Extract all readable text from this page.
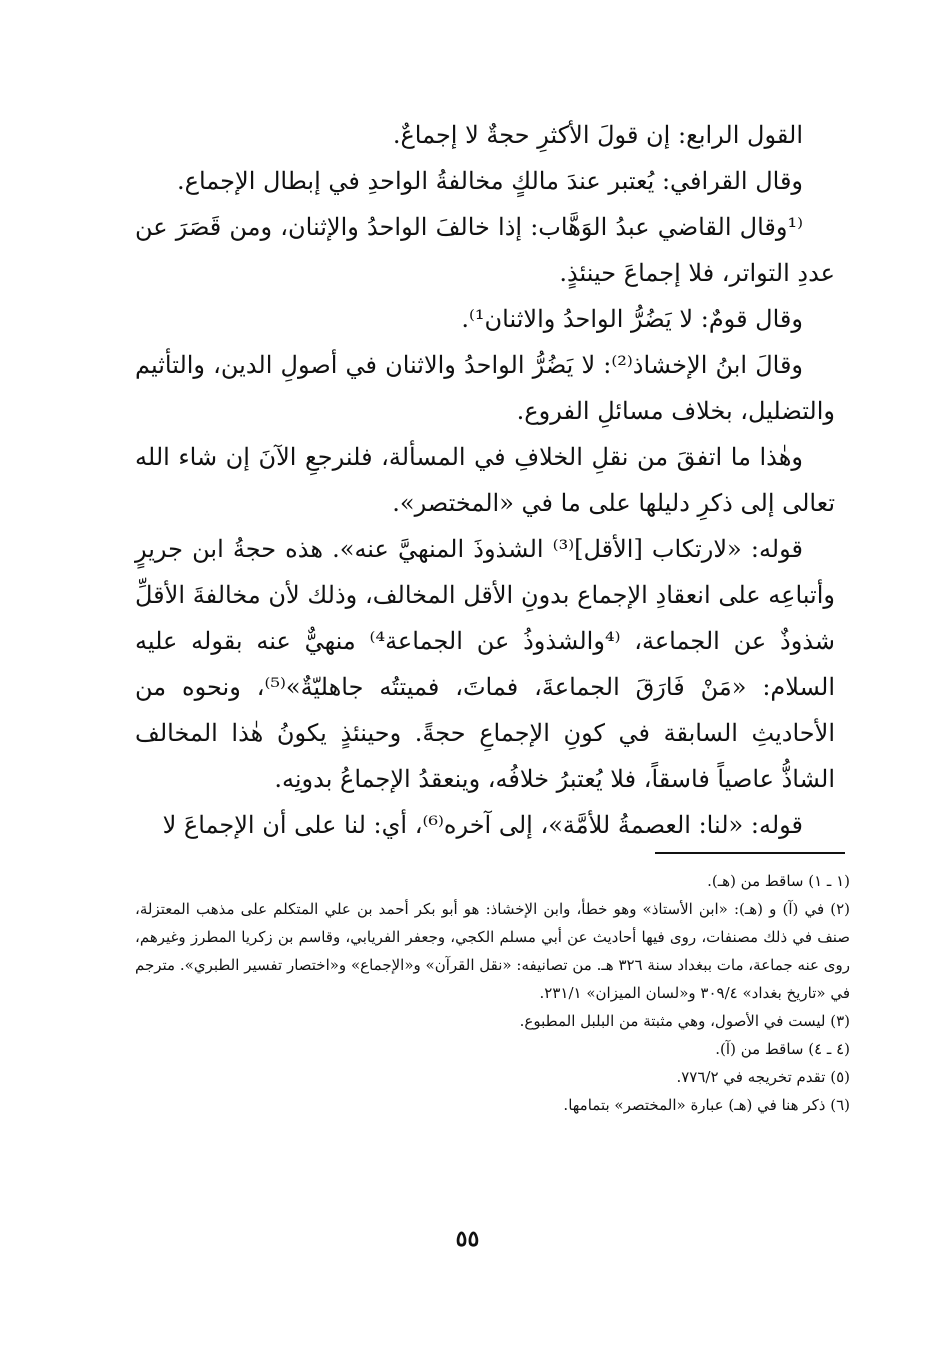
القول الرابع: إن قولَ الأكثرِ حجةٌ لا إجماعٌ.

وقال القرافي: يُعتبر عندَ مالكٍ مخالفةُ الواحدِ في إبطال الإجماع.

⁽¹وقال القاضي عبدُ الوَهَّاب: إذا خالفَ الواحدُ والإثنان، ومن قَصَرَ عن عددِ التواتر، فلا إجماعَ حينئذٍ.

وقال قومٌ: لا يَضُرُّ الواحدُ والاثنان¹⁾.

وقالَ ابنُ الإخشاذ⁽²⁾: لا يَضُرُّ الواحدُ والاثنان في أصولِ الدين، والتأثيم والتضليل، بخلاف مسائلِ الفروع.

وهٰذا ما اتفقَ من نقلِ الخلافِ في المسألة، فلنرجعِ الآنَ إن شاء الله تعالى إلى ذكرِ دليلها على ما في «المختصر».

قوله: «لارتكاب [الأقل]⁽³⁾ الشذوذَ المنهيَّ عنه». هذه حجةُ ابن جريرٍ وأتباعِه على انعقادِ الإجماع بدونِ الأقل المخالف، وذلك لأن مخالفةَ الأقلِّ شذوذٌ عن الجماعة، ⁽⁴والشذوذُ عن الجماعة⁴⁾ منهيٌّ عنه بقوله عليه السلام: «مَنْ فَارَقَ الجماعةَ، فماتَ، فميتتُه جاهليّةٌ»⁽⁵⁾، ونحوه من الأحاديثِ السابقة في كونِ الإجماعِ حجةً. وحينئذٍ يكونُ هٰذا المخالف الشاذُّ عاصياً فاسقاً، فلا يُعتبرُ خلافُه، وينعقدُ الإجماعُ بدونِه.

قوله: «لنا: العصمةُ للأمَّة»، إلى آخره⁽⁶⁾، أي: لنا على أن الإجماعَ لا

(١ ـ ١) ساقط من (هـ).

(٢) في (آ) و (هـ): «ابن الأستاذ» وهو خطأ، وابن الإخشاذ: هو أبو بكر أحمد بن علي المتكلم على مذهب المعتزلة، صنف في ذلك مصنفات، روى فيها أحاديث عن أبي مسلم الكجي، وجعفر الفريابي، وقاسم بن زكريا المطرز وغيرهم، روى عنه جماعة، مات ببغداد سنة ٣٢٦ هـ. من تصانيفه: «نقل القرآن» و«الإجماع» و«اختصار تفسير الطبري». مترجم في «تاريخ بغداد» ٣٠٩/٤ و«لسان الميزان» ٢٣١/١.

(٣) ليست في الأصول، وهي مثبتة من البلبل المطبوع.

(٤ ـ ٤) ساقط من (آ).

(٥) تقدم تخريجه في ٧٧٦/٢.

(٦) ذكر هنا في (هـ) عبارة «المختصر» بتمامها.

٥٥
